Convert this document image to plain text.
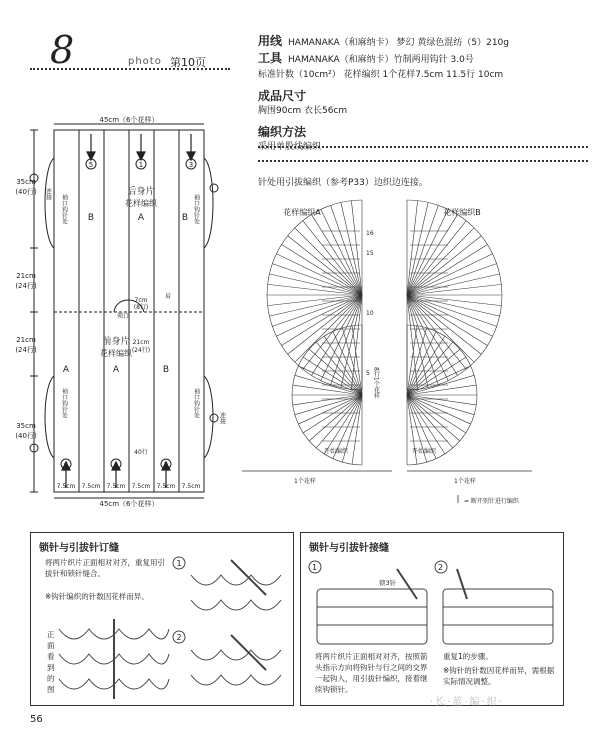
8	photo 第10页
用线 HAMANAKA（和麻纳卡） 梦幻 黄绿色混纺（5）210g
工具 HAMANAKA（和麻纳卡）竹制两用钩针 3.0号
标准针数（10cm²） 花样编织 1个花样7.5cm 11.5行 10cm
成品尺寸
胸围90cm 衣长56cm
编织方法
采用单股线编织
针处用引拔编织（参考P33）边织边连接。
45cm（6个花样）
45cm（6个花样）
5	1	3
6	4	2
后身片
花样编织
前身片
花样编织
B	A	B
A	A	B
35cm
(40行)
21cm
(24行)
21cm
(24行)
35cm
(40行)
7cm
(8行)
领口
肩
21cm
(24行)
40行
7.5cm 7.5cm 7.5cm 7.5cm 7.5cm 7.5cm
连接 袖口钩针处	袖口钩针处
袖口钩针处	袖口钩针处	连接
花样编织A	花样编织B
16
15
10
5
开始编织	开始编织
1个花样	1个花样
8行1个花样
= 断开别针进行编织
锁针与引拔针订缝
将两片织片正面相对对齐，重复用引拔针和锁针缝合。
※钩针编织的针数因花样而异。
正面看到的图
1
2
锁针与引拔针接缝
1	2
锁3针
将两片织片正面相对对齐，按照箭头指示方向将钩针与行之间的交界一起钩入，用引拔针编织，接着继续钩锁针。
重复1的步骤。
※钩针的针数因花样而异，需根据实际情况调整。
56
·长·蓝·编·织·
